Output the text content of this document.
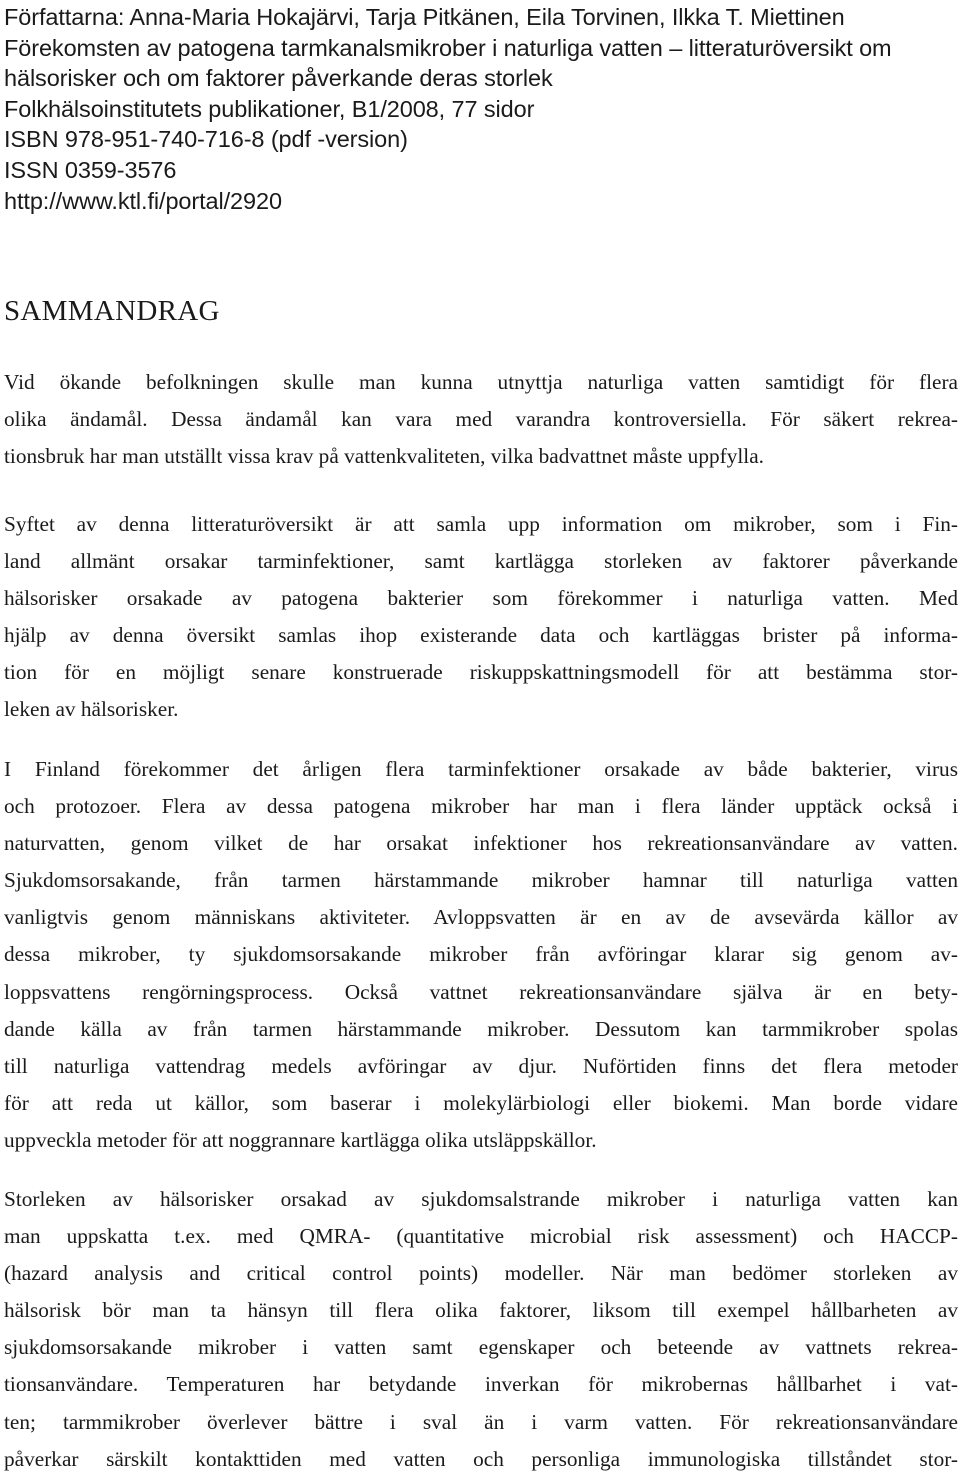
Författarna: Anna-Maria Hokajärvi, Tarja Pitkänen, Eila Torvinen, Ilkka T. Miettinen
Förekomsten av patogena tarmkanalsmikrober i naturliga vatten – litteraturöversikt om
hälsorisker och om faktorer påverkande deras storlek
Folkhälsoinstitutets publikationer, B1/2008, 77 sidor
ISBN 978-951-740-716-8 (pdf -version)
ISSN 0359-3576
http://www.ktl.fi/portal/2920
SAMMANDRAG
Vid ökande befolkningen skulle man kunna utnyttja naturliga vatten samtidigt för flera
olika ändamål. Dessa ändamål kan vara med varandra kontroversiella. För säkert rekrea-
tionsbruk har man utställt vissa krav på vattenkvaliteten, vilka badvattnet måste uppfylla.
Syftet av denna litteraturöversikt är att samla upp information om mikrober, som i Fin-
land allmänt orsakar tarminfektioner, samt kartlägga storleken av faktorer påverkande
hälsorisker orsakade av patogena bakterier som förekommer i naturliga vatten. Med
hjälp av denna översikt samlas ihop existerande data och kartläggas brister på informa-
tion för en möjligt senare konstruerade riskuppskattningsmodell för att bestämma stor-
leken av hälsorisker.
I Finland förekommer det årligen flera tarminfektioner orsakade av både bakterier, virus
och protozoer. Flera av dessa patogena mikrober har man i flera länder upptäck också i
naturvatten, genom vilket de har orsakat infektioner hos rekreationsanvändare av vatten.
Sjukdomsorsakande, från tarmen härstammande mikrober hamnar till naturliga vatten
vanligtvis genom människans aktiviteter. Avloppsvatten är en av de avsevärda källor av
dessa mikrober, ty sjukdomsorsakande mikrober från avföringar klarar sig genom av-
loppsvattens rengörningsprocess. Också vattnet rekreationsanvändare själva är en bety-
dande källa av från tarmen härstammande mikrober. Dessutom kan tarmmikrober spolas
till naturliga vattendrag medels avföringar av djur. Nuförtiden finns det flera metoder
för att reda ut källor, som baserar i molekylärbiologi eller biokemi. Man borde vidare
uppveckla metoder för att noggrannare kartlägga olika utsläppskällor.
Storleken av hälsorisker orsakad av sjukdomsalstrande mikrober i naturliga vatten kan
man uppskatta t.ex. med QMRA- (quantitative microbial risk assessment) och HACCP-
(hazard analysis and critical control points) modeller. När man bedömer storleken av
hälsorisk bör man ta hänsyn till flera olika faktorer, liksom till exempel hållbarheten av
sjukdomsorsakande mikrober i vatten samt egenskaper och beteende av vattnets rekrea-
tionsanvändare. Temperaturen har betydande inverkan för mikrobernas hållbarhet i vat-
ten; tarmmikrober överlever bättre i sval än i varm vatten. För rekreationsanvändare
påverkar särskilt kontakttiden med vatten och personliga immunologiska tillståndet stor-
